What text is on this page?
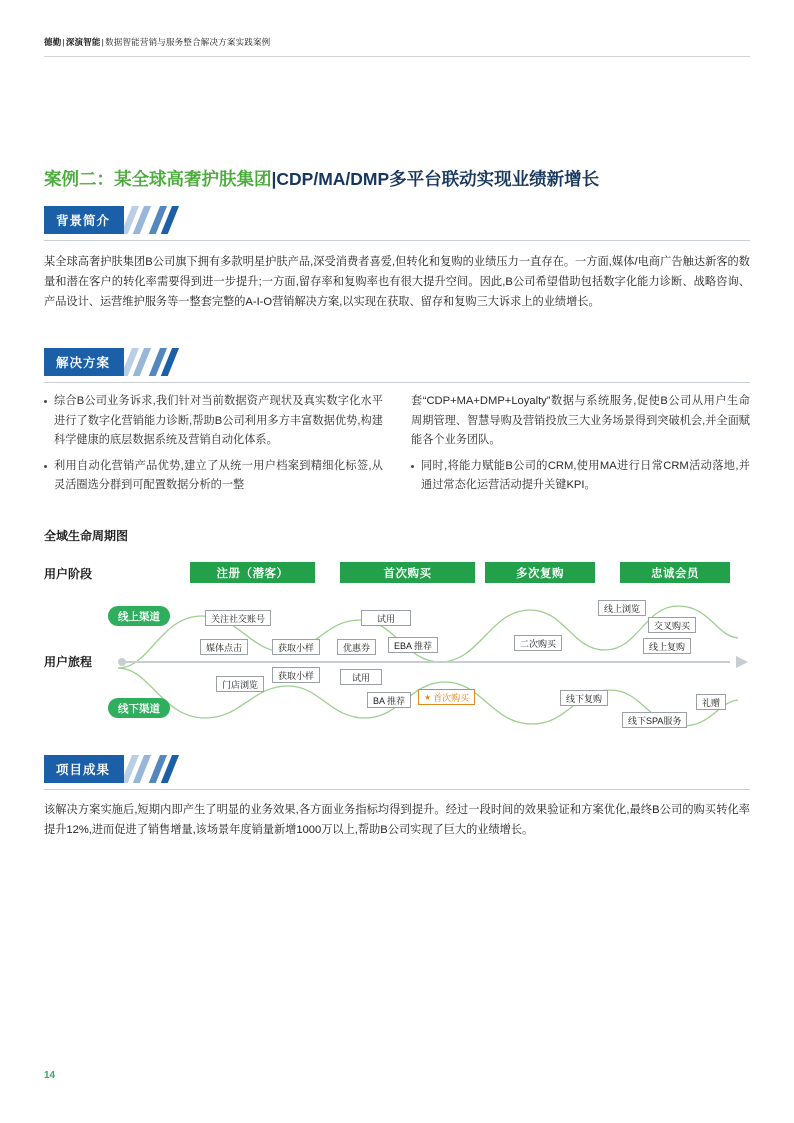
德勤|深演智能|数据智能营销与服务整合解决方案实践案例
案例二：某全球高奢护肤集团|CDP/MA/DMP多平台联动实现业绩新增长
背景简介
某全球高奢护肤集团B公司旗下拥有多款明星护肤产品,深受消费者喜爱,但转化和复购的业绩压力一直存在。一方面,媒体/电商广告触达新客的数量和潜在客户的转化率需要得到进一步提升;一方面,留存率和复购率也有很大提升空间。因此,B公司希望借助包括数字化能力诊断、战略咨询、产品设计、运营维护服务等一整套完整的A-I-O营销解决方案,以实现在获取、留存和复购三大诉求上的业绩增长。
解决方案
综合B公司业务诉求,我们针对当前数据资产现状及真实数字化水平进行了数字化营销能力诊断,帮助B公司利用多方丰富数据优势,构建科学健康的底层数据系统及营销自动化体系。
利用自动化营销产品优势,建立了从统一用户档案到精细化标签,从灵活圈选分群到可配置数据分析的一整
套“CDP+MA+DMP+Loyalty”数据与系统服务,促使B公司从用户生命周期管理、智慧导购及营销投放三大业务场景得到突破机会,并全面赋能各个业务团队。
同时,将能力赋能B公司的CRM,使用MA进行日常CRM活动落地,并通过常态化运营活动提升关键KPI。
全域生命周期图
用户阶段
用户旅程
注册（潜客）	首次购买	多次复购	忠诚会员
线上渠道
线下渠道
关注社交账号	试用
媒体点击	获取小样	优惠券	EBA 推荐	二次购买
线上浏览
交叉购买
线上复购
门店浏览
获取小样	试用
BA 推荐	★ 首次购买	线下复购
线下SPA服务
礼赠
项目成果
该解决方案实施后,短期内即产生了明显的业务效果,各方面业务指标均得到提升。经过一段时间的效果验证和方案优化,最终B公司的购买转化率提升12%,进而促进了销售增量,该场景年度销量新增1000万以上,帮助B公司实现了巨大的业绩增长。
14
